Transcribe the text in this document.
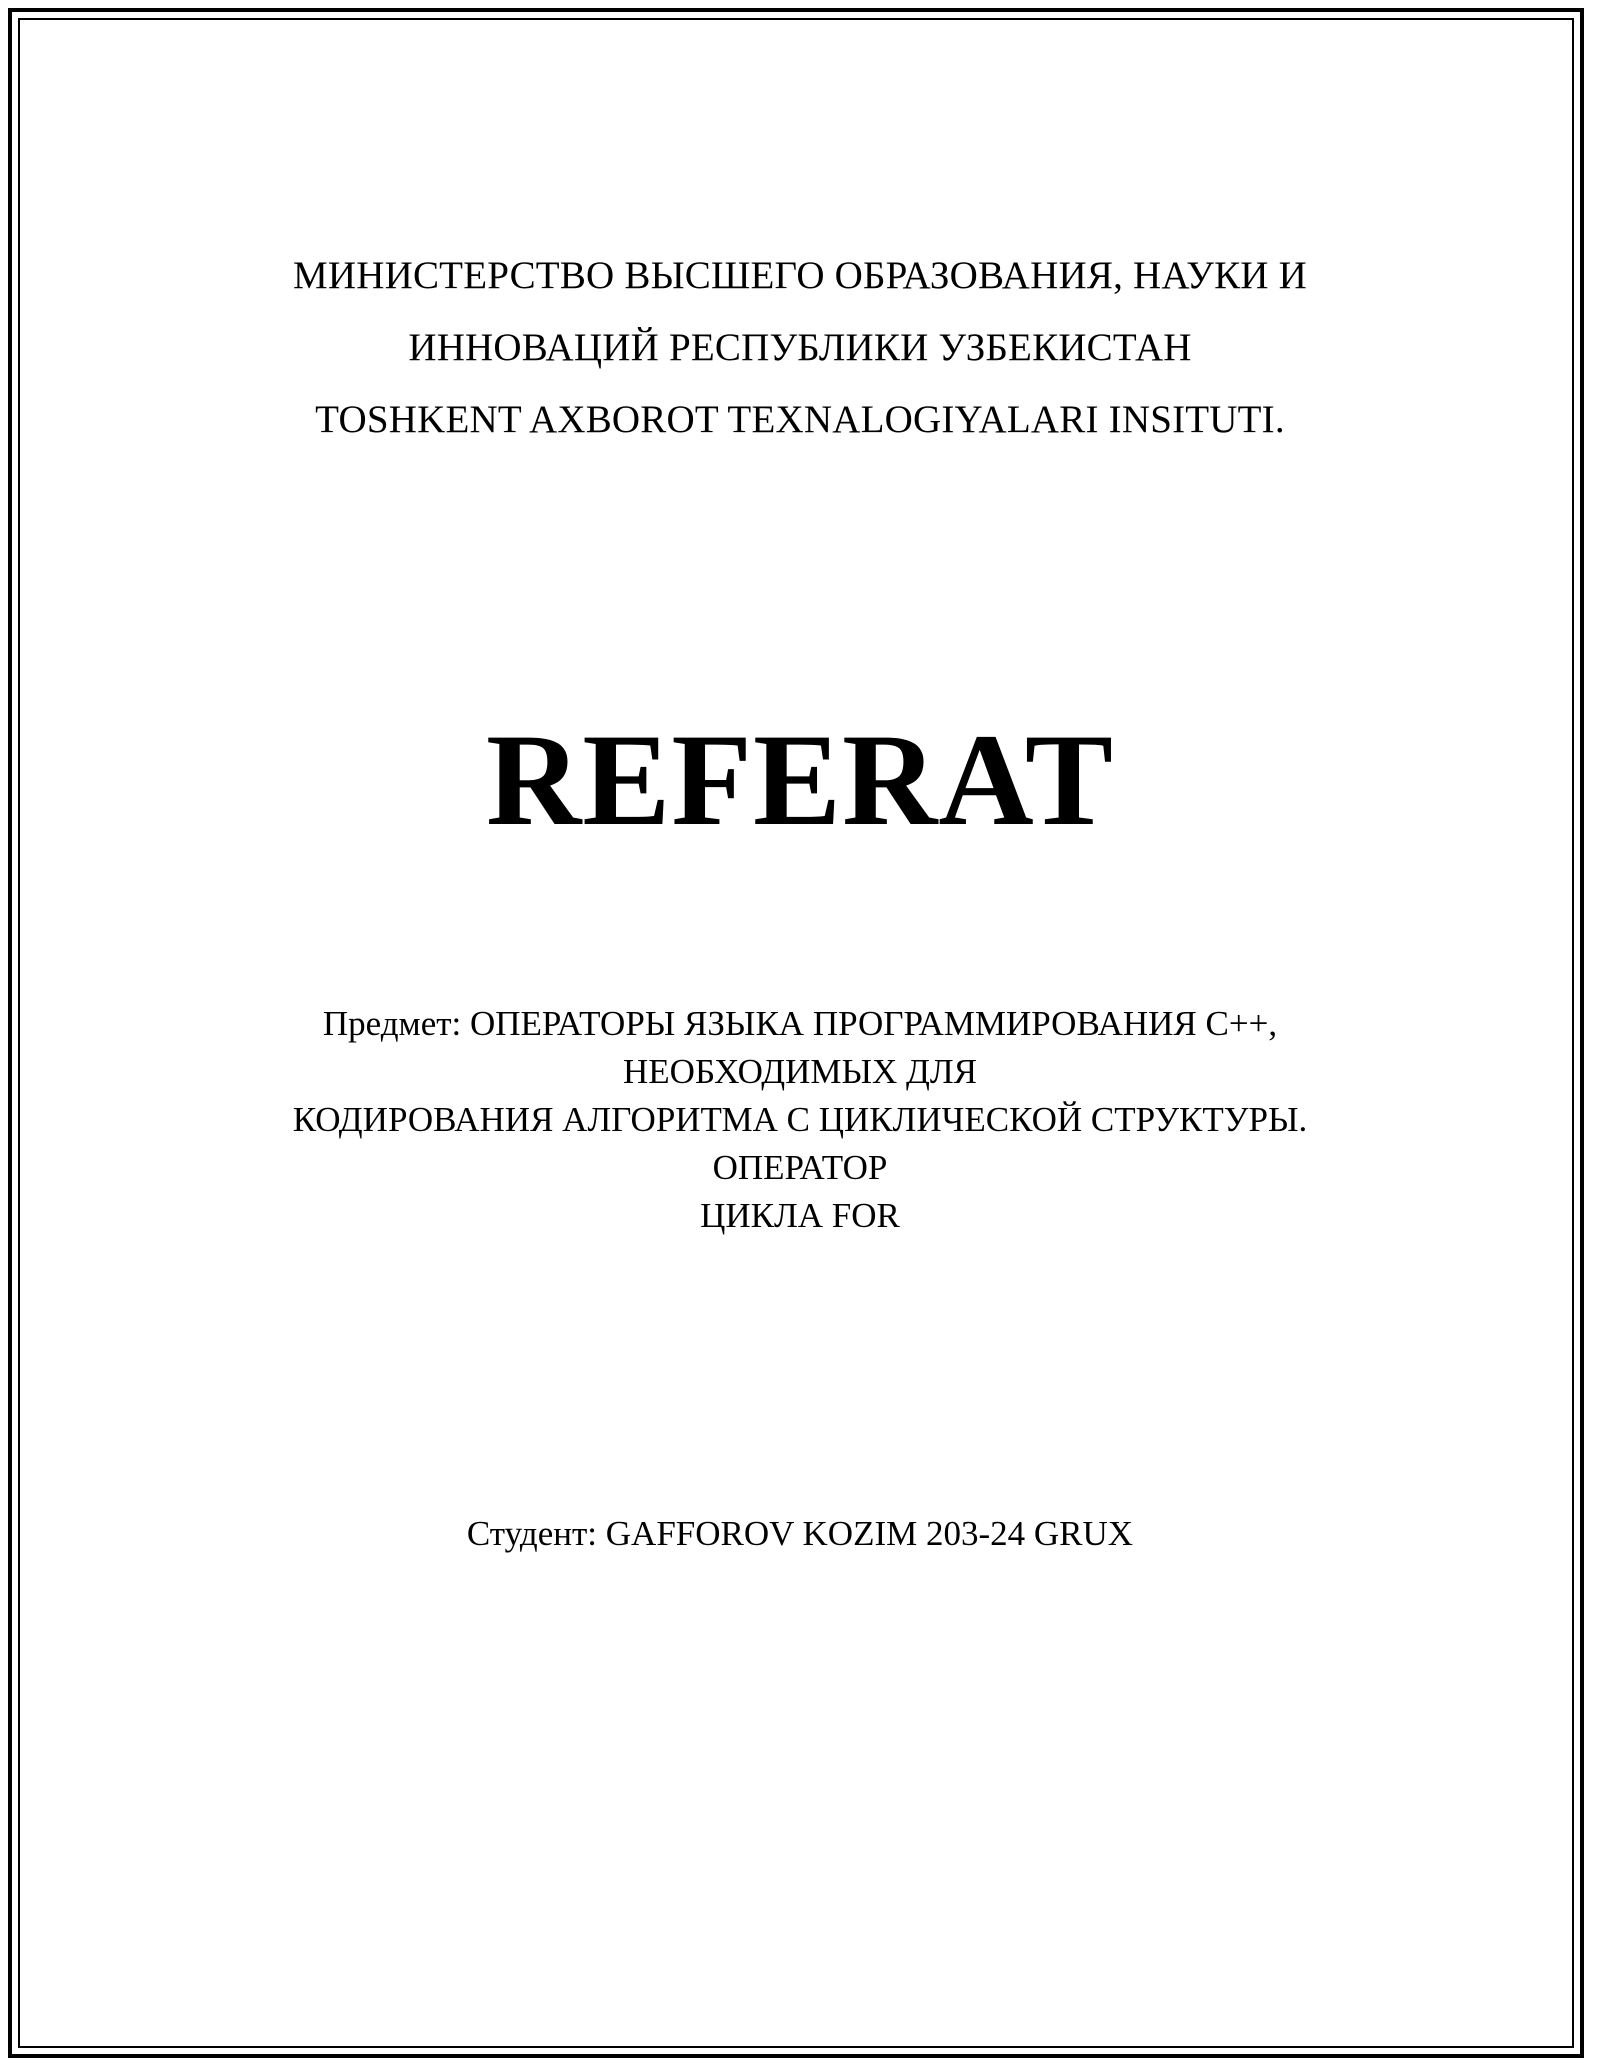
МИНИСТЕРСТВО ВЫСШЕГО ОБРАЗОВАНИЯ, НАУКИ И
ИННОВАЦИЙ РЕСПУБЛИКИ УЗБЕКИСТАН
TOSHKENT AXBOROT TEXNALOGIYALARI INSITUTI.
REFERAT
Предмет: ОПЕРАТОРЫ ЯЗЫКА ПРОГРАММИРОВАНИЯ C++,
НЕОБХОДИМЫХ ДЛЯ
КОДИРОВАНИЯ АЛГОРИТМА С ЦИКЛИЧЕСКОЙ СТРУКТУРЫ.
ОПЕРАТОР
ЦИКЛА FOR
Студент: GAFFOROV KOZIM 203-24 GRUX
